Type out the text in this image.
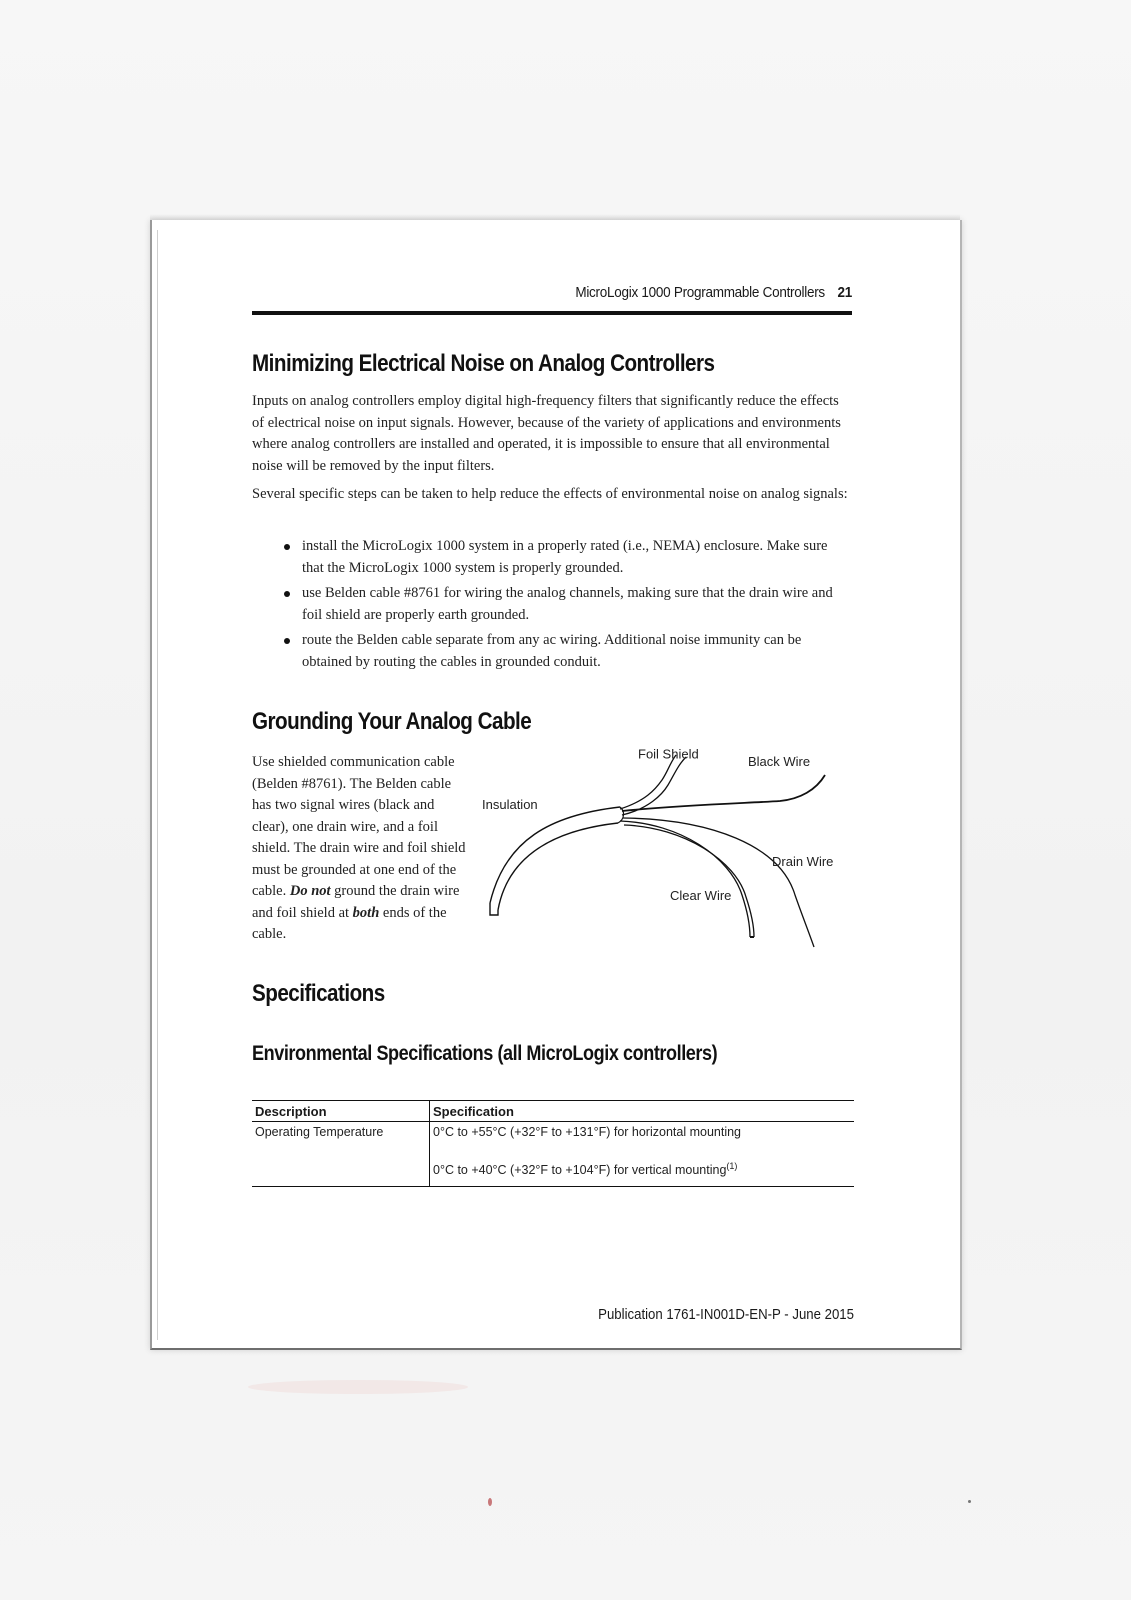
MicroLogix 1000 Programmable Controllers 21
Minimizing Electrical Noise on Analog Controllers
Inputs on analog controllers employ digital high-frequency filters that significantly reduce the effects of electrical noise on input signals. However, because of the variety of applications and environments where analog controllers are installed and operated, it is impossible to ensure that all environmental noise will be removed by the input filters.
Several specific steps can be taken to help reduce the effects of environmental noise on analog signals:
install the MicroLogix 1000 system in a properly rated (i.e., NEMA) enclosure. Make sure that the MicroLogix 1000 system is properly grounded.
use Belden cable #8761 for wiring the analog channels, making sure that the drain wire and foil shield are properly earth grounded.
route the Belden cable separate from any ac wiring. Additional noise immunity can be obtained by routing the cables in grounded conduit.
Grounding Your Analog Cable
Use shielded communication cable (Belden #8761). The Belden cable has two signal wires (black and clear), one drain wire, and a foil shield. The drain wire and foil shield must be grounded at one end of the cable. Do not ground the drain wire and foil shield at both ends of the cable.
Foil Shield	Black Wire
Insulation
Drain Wire
Clear Wire
Specifications
Environmental Specifications (all MicroLogix controllers)
Description	Specification
Operating Temperature	0°C to +55°C (+32°F to +131°F) for horizontal mounting
0°C to +40°C (+32°F to +104°F) for vertical mounting$^{(1)}$
Publication 1761-IN001D-EN-P - June 2015
